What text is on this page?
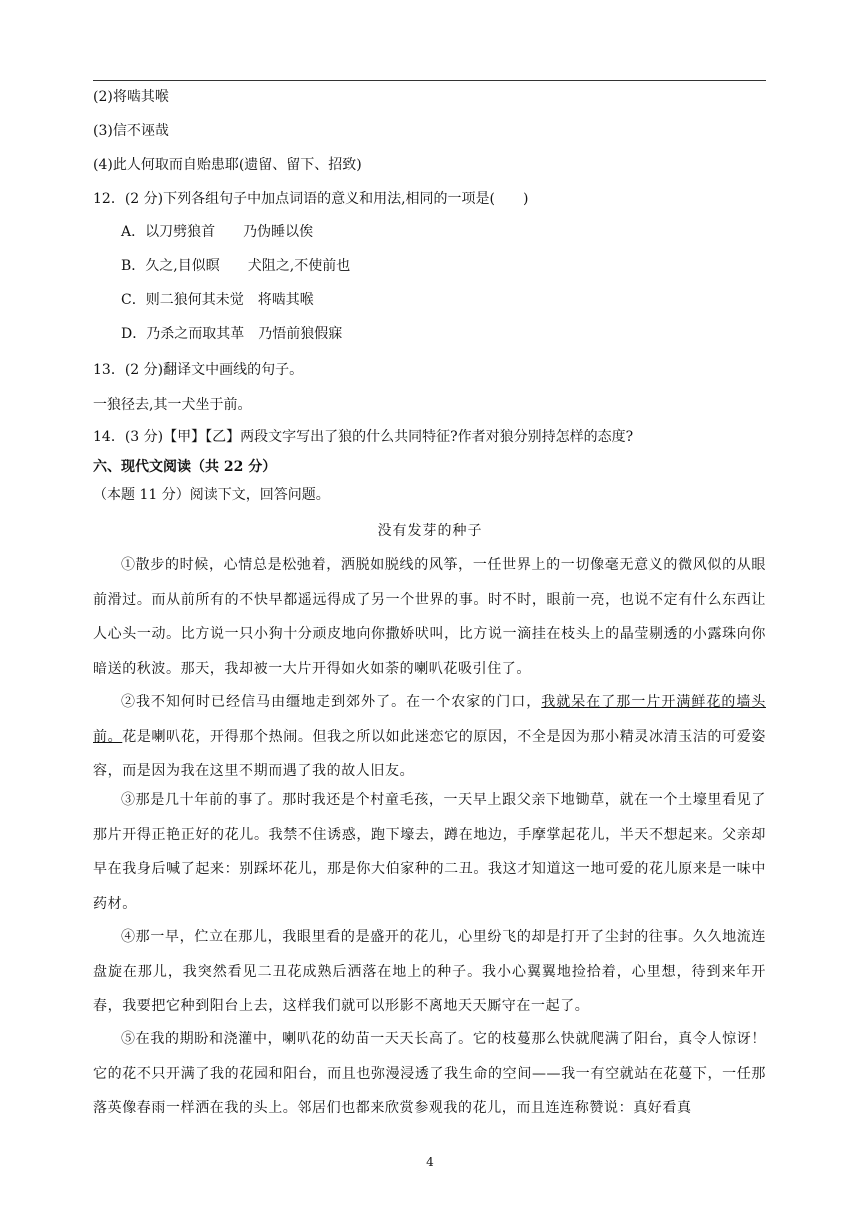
(2)将啮其喉
(3)信不诬哉
(4)此人何取而自贻患耶(遗留、留下、招致)
12．(2 分)下列各组句子中加点词语的意义和用法,相同的一项是(　　)
A．以刀劈狼首　　乃伪睡以俟
B．久之,目似瞑　　犬阻之,不使前也
C．则二狼何其未觉　将啮其喉
D．乃杀之而取其革　乃悟前狼假寐
13．(2 分)翻译文中画线的句子。
一狼径去,其一犬坐于前。
14．(3 分)【甲】【乙】两段文字写出了狼的什么共同特征?作者对狼分别持怎样的态度?
六、现代文阅读（共 22 分）
（本题 11 分）阅读下文，回答问题。
没有发芽的种子
①散步的时候，心情总是松弛着，洒脱如脱线的风筝，一任世界上的一切像毫无意义的微风似的从眼前滑过。而从前所有的不快早都遥远得成了另一个世界的事。时不时，眼前一亮，也说不定有什么东西让人心头一动。比方说一只小狗十分顽皮地向你撒娇吠叫，比方说一滴挂在枝头上的晶莹剔透的小露珠向你暗送的秋波。那天，我却被一大片开得如火如荼的喇叭花吸引住了。
②我不知何时已经信马由缰地走到郊外了。在一个农家的门口，我就呆在了那一片开满鲜花的墙头前。花是喇叭花，开得那个热闹。但我之所以如此迷恋它的原因，不全是因为那小精灵冰清玉洁的可爱姿容，而是因为我在这里不期而遇了我的故人旧友。
③那是几十年前的事了。那时我还是个村童毛孩，一天早上跟父亲下地锄草，就在一个土壕里看见了那片开得正艳正好的花儿。我禁不住诱惑，跑下壕去，蹲在地边，手摩掌起花儿，半天不想起来。父亲却早在我身后喊了起来：别踩坏花儿，那是你大伯家种的二丑。我这才知道这一地可爱的花儿原来是一味中药材。
④那一早，伫立在那儿，我眼里看的是盛开的花儿，心里纷飞的却是打开了尘封的往事。久久地流连盘旋在那儿，我突然看见二丑花成熟后洒落在地上的种子。我小心翼翼地捡拾着，心里想，待到来年开春，我要把它种到阳台上去，这样我们就可以形影不离地天天厮守在一起了。
⑤在我的期盼和浇灌中，喇叭花的幼苗一天天长高了。它的枝蔓那么快就爬满了阳台，真令人惊讶！它的花不只开满了我的花园和阳台，而且也弥漫浸透了我生命的空间——我一有空就站在花蔓下，一任那落英像春雨一样洒在我的头上。邻居们也都来欣赏参观我的花儿，而且连连称赞说：真好看真
4
